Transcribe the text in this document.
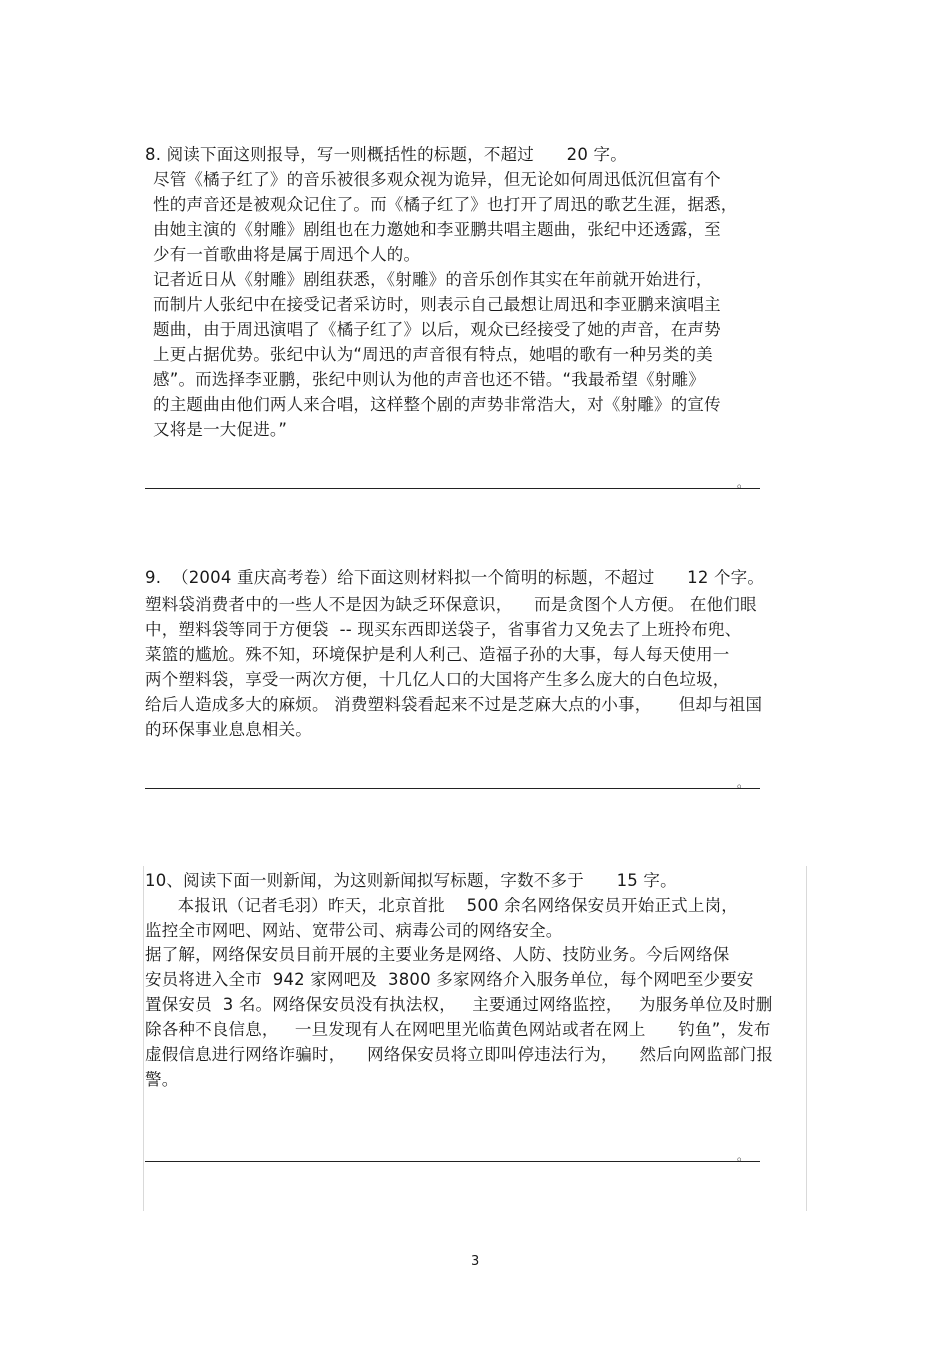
8. 阅读下面这则报导，写一则概括性的标题，不超过      20 字。
尽管《橘子红了》的音乐被很多观众视为诡异，但无论如何周迅低沉但富有个
性的声音还是被观众记住了。而《橘子红了》也打开了周迅的歌艺生涯，据悉，
由她主演的《射雕》剧组也在力邀她和李亚鹏共唱主题曲，张纪中还透露，至
少有一首歌曲将是属于周迅个人的。
记者近日从《射雕》剧组获悉，《射雕》的音乐创作其实在年前就开始进行，
而制片人张纪中在接受记者采访时，则表示自己最想让周迅和李亚鹏来演唱主
题曲，由于周迅演唱了《橘子红了》以后，观众已经接受了她的声音，在声势
上更占据优势。张纪中认为“周迅的声音很有特点，她唱的歌有一种另类的美
感”。而选择李亚鹏，张纪中则认为他的声音也还不错。“我最希望《射雕》
的主题曲由他们两人来合唱，这样整个剧的声势非常浩大，对《射雕》的宣传
又将是一大促进。”
。
9.  （2004 重庆高考卷）给下面这则材料拟一个简明的标题，不超过      12 个字。
塑料袋消费者中的一些人不是因为缺乏环保意识，    而是贪图个人方便。 在他们眼
中，塑料袋等同于方便袋  -- 现买东西即送袋子，省事省力又免去了上班拎布兜、
菜篮的尴尬。殊不知，环境保护是利人利己、造福子孙的大事，每人每天使用一
两个塑料袋，享受一两次方便，十几亿人口的大国将产生多么庞大的白色垃圾，
给后人造成多大的麻烦。 消费塑料袋看起来不过是芝麻大点的小事，     但却与祖国
的环保事业息息相关。
。
10、阅读下面一则新闻，为这则新闻拟写标题，字数不多于      15 字。
本报讯（记者毛羽）昨天，北京首批    500 余名网络保安员开始正式上岗，
监控全市网吧、网站、宽带公司、病毒公司的网络安全。
据了解，网络保安员目前开展的主要业务是网络、人防、技防业务。今后网络保
安员将进入全市  942 家网吧及  3800 多家网络介入服务单位，每个网吧至少要安
置保安员  3 名。网络保安员没有执法权，   主要通过网络监控，   为服务单位及时删
除各种不良信息，   一旦发现有人在网吧里光临黄色网站或者在网上      钓鱼”，发布
虚假信息进行网络诈骗时，    网络保安员将立即叫停违法行为，    然后向网监部门报
警。
。
3
